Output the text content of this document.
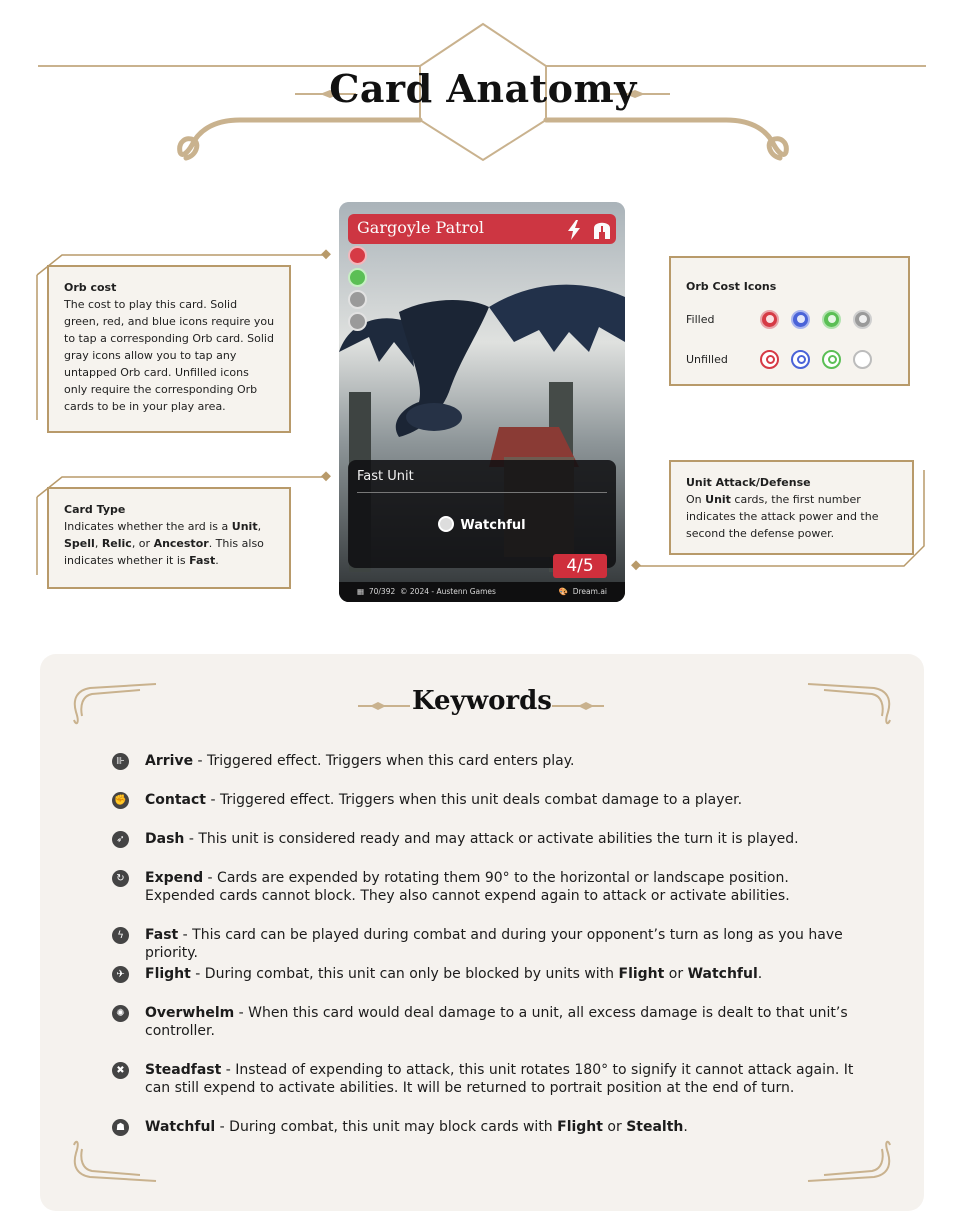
Card Anatomy
Orb cost
The cost to play this card. Solid green, red, and blue icons require you to tap a corresponding Orb card. Solid gray icons allow you to tap any untapped Orb card. Unfilled icons only require the corresponding Orb cards to be in your play area.
Card Type
Indicates whether the ard is a Unit,
Spell, Relic, or Ancestor. This also indicates whether it is Fast.
Orb Cost Icons
Filled
Unfilled
Unit Attack/Defense
On Unit cards, the first number indicates the attack power and the second the defense power.
Gargoyle Patrol
Fast Unit
Watchful
4/5
▦  70/392 © 2024 - Austenn Games	🎨  Dream.ai
Keywords
⊪ Arrive - Triggered effect. Triggers when this card enters play.
✊ Contact - Triggered effect. Triggers when this unit deals combat damage to a player.
➶	Dash - This unit is considered ready and may attack or activate abilities the turn it is played.
↻	Expend - Cards are expended by rotating them 90° to the horizontal or landscape position. Expended cards cannot block. They also cannot expend again to attack or activate abilities.
ϟ	Fast - This card can be played during combat and during your opponent’s turn as long as you have priority.
✈	Flight - During combat, this unit can only be blocked by units with Flight or Watchful.
✺	Overwhelm - When this card would deal damage to a unit, all excess damage is dealt to that unit’s controller.
✖	Steadfast - Instead of expending to attack, this unit rotates 180° to signify it cannot attack again. It can still expend to activate abilities. It will be returned to portrait position at the end of turn.
☗ Watchful - During combat, this unit may block cards with Flight or Stealth.
